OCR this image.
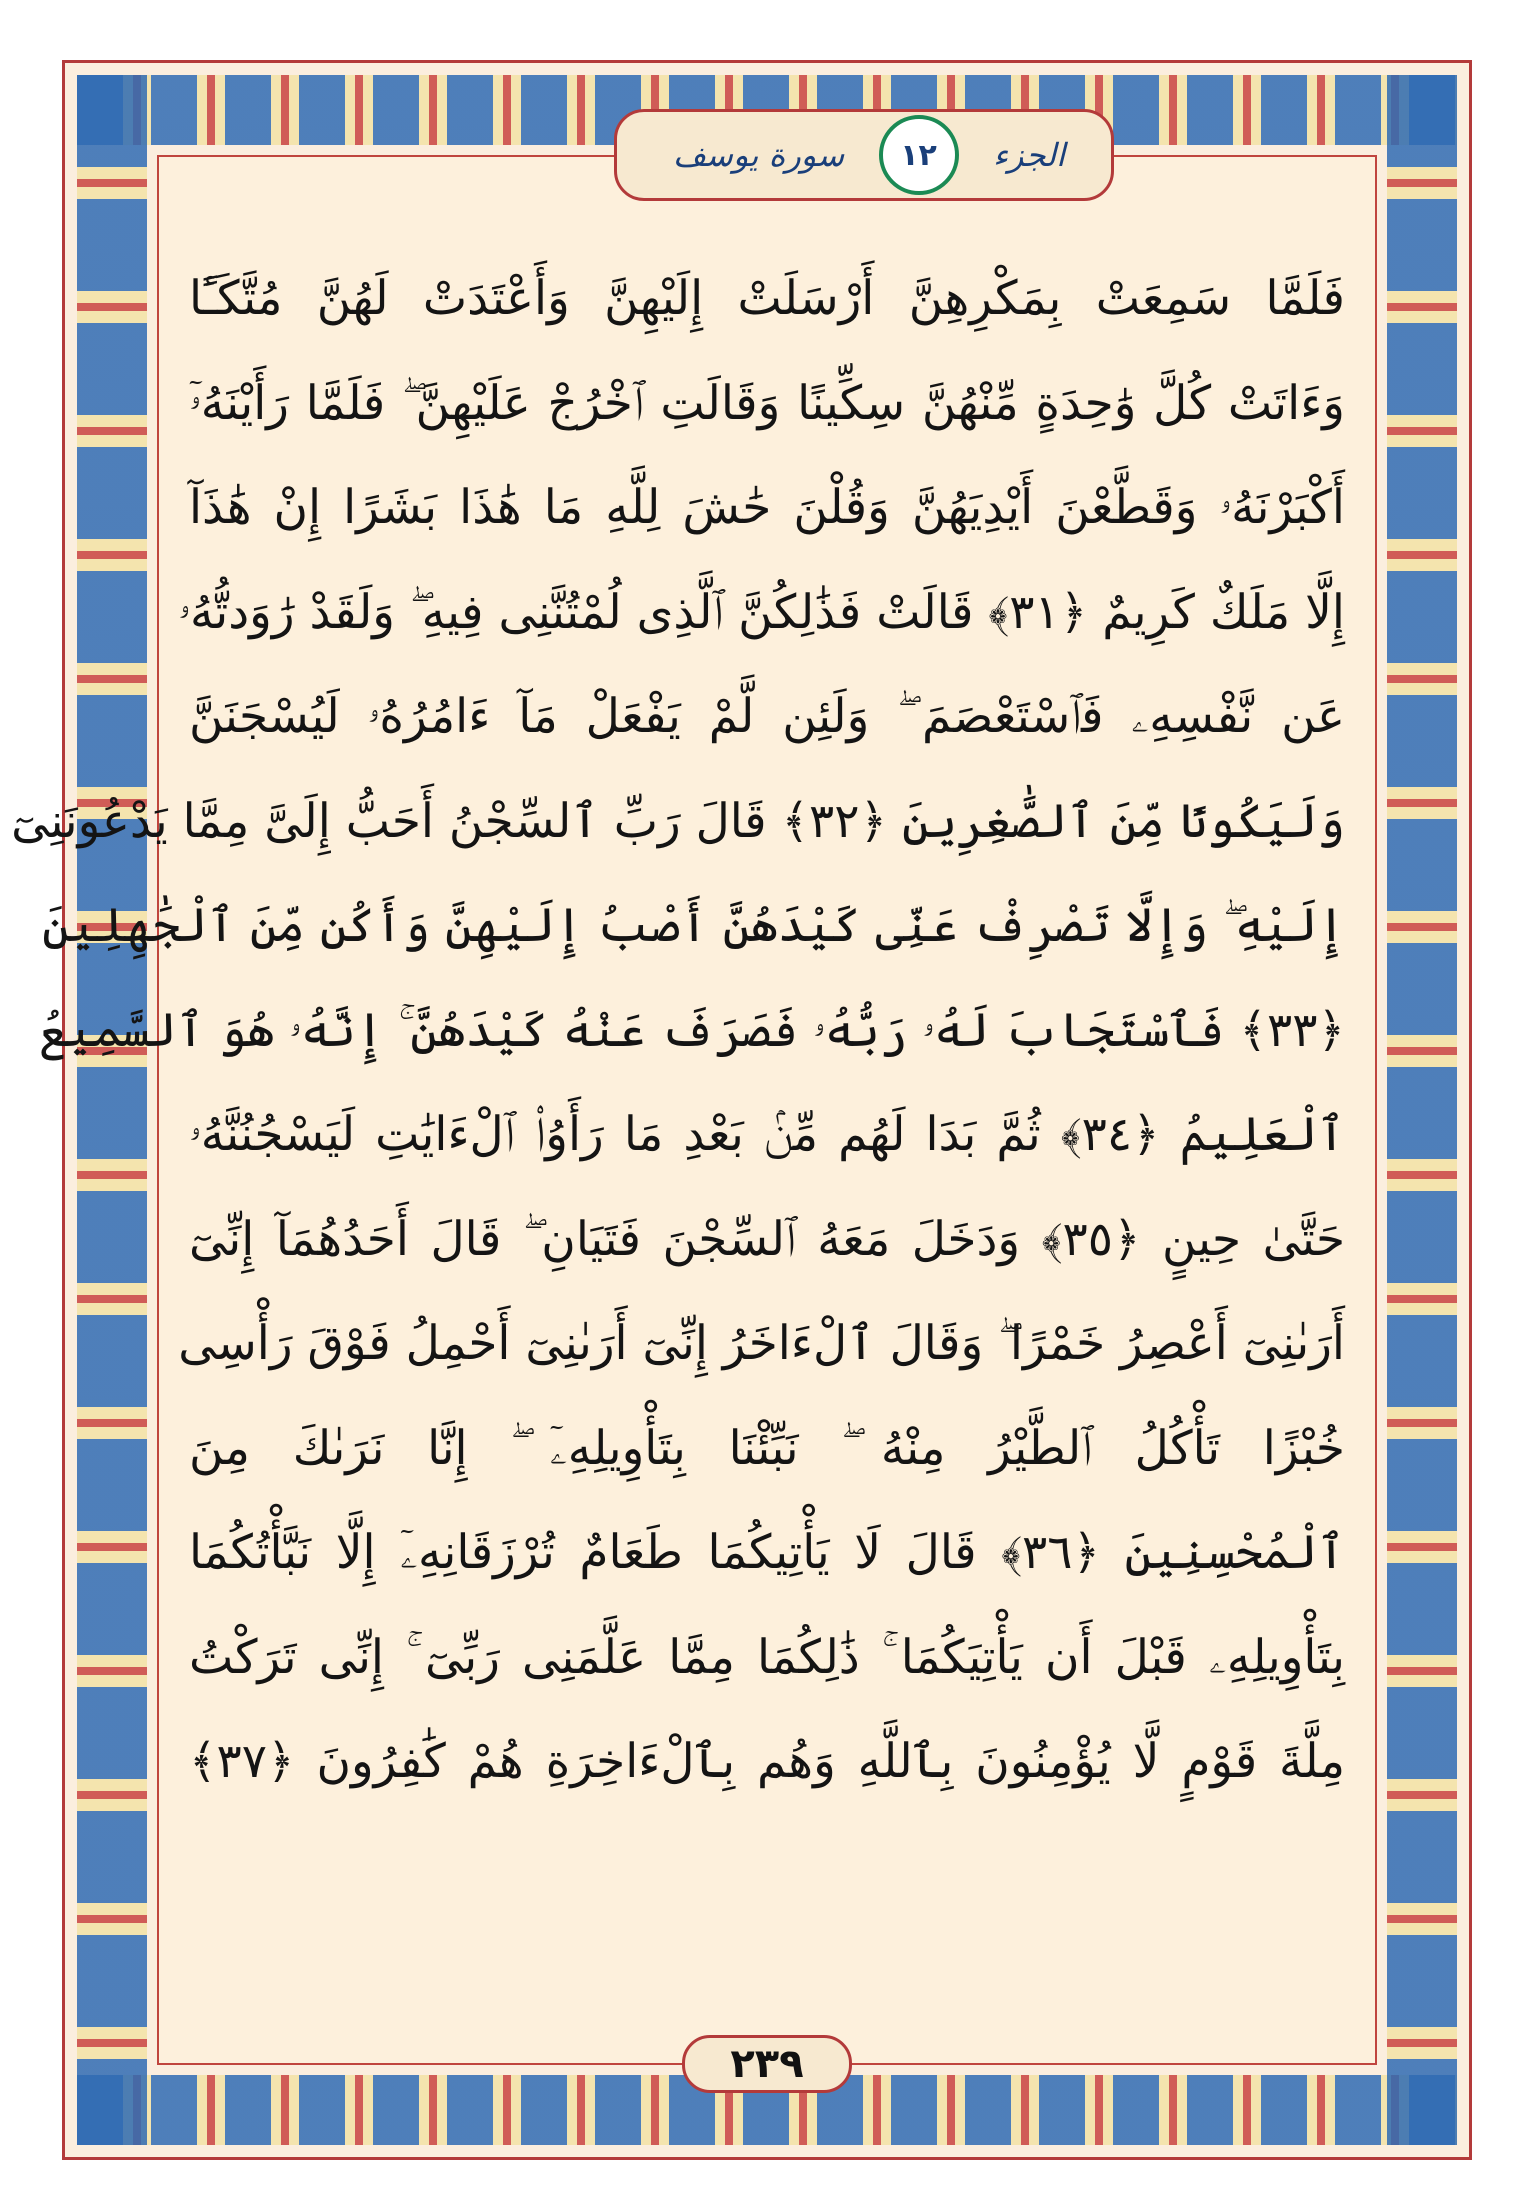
الجزء
١٢
سورة يوسف
فَلَمَّا سَمِعَتْ بِمَكْرِهِنَّ أَرْسَلَتْ إِلَيْهِنَّ وَأَعْتَدَتْ لَهُنَّ مُتَّكَـًٔا
وَءَاتَتْ كُلَّ وَٰحِدَةٍ مِّنْهُنَّ سِكِّينًا وَقَالَتِ ٱخْرُجْ عَلَيْهِنَّ ۖ فَلَمَّا رَأَيْنَهُۥٓ
أَكْبَرْنَهُۥ وَقَطَّعْنَ أَيْدِيَهُنَّ وَقُلْنَ حَٰشَ لِلَّهِ مَا هَٰذَا بَشَرًا إِنْ هَٰذَآ
إِلَّا مَلَكٌ كَرِيمٌ ﴿٣١﴾ قَالَتْ فَذَٰلِكُنَّ ٱلَّذِى لُمْتُنَّنِى فِيهِ ۖ وَلَقَدْ رَٰوَدتُّهُۥ
عَن نَّفْسِهِۦ فَٱسْتَعْصَمَ ۖ وَلَئِن لَّمْ يَفْعَلْ مَآ ءَامُرُهُۥ لَيُسْجَنَنَّ
وَلَيَكُونًا مِّنَ ٱلصَّٰغِرِينَ ﴿٣٢﴾ قَالَ رَبِّ ٱلسِّجْنُ أَحَبُّ إِلَىَّ مِمَّا يَدْعُونَنِىٓ
إِلَيْهِ ۖ وَإِلَّا تَصْرِفْ عَنِّى كَيْدَهُنَّ أَصْبُ إِلَيْهِنَّ وَأَكُن مِّنَ ٱلْجَٰهِلِينَ
﴿٣٣﴾ فَٱسْتَجَابَ لَهُۥ رَبُّهُۥ فَصَرَفَ عَنْهُ كَيْدَهُنَّ ۚ إِنَّهُۥ هُوَ ٱلسَّمِيعُ
ٱلْعَلِيمُ ﴿٣٤﴾ ثُمَّ بَدَا لَهُم مِّنۢ بَعْدِ مَا رَأَوُا۟ ٱلْءَايَٰتِ لَيَسْجُنُنَّهُۥ
حَتَّىٰ حِينٍ ﴿٣٥﴾ وَدَخَلَ مَعَهُ ٱلسِّجْنَ فَتَيَانِ ۖ قَالَ أَحَدُهُمَآ إِنِّىٓ
أَرَىٰنِىٓ أَعْصِرُ خَمْرًا ۖ وَقَالَ ٱلْءَاخَرُ إِنِّىٓ أَرَىٰنِىٓ أَحْمِلُ فَوْقَ رَأْسِى
خُبْزًا تَأْكُلُ ٱلطَّيْرُ مِنْهُ ۖ نَبِّئْنَا بِتَأْوِيلِهِۦٓ ۖ إِنَّا نَرَىٰكَ مِنَ
ٱلْمُحْسِنِينَ ﴿٣٦﴾ قَالَ لَا يَأْتِيكُمَا طَعَامٌ تُرْزَقَانِهِۦٓ إِلَّا نَبَّأْتُكُمَا
بِتَأْوِيلِهِۦ قَبْلَ أَن يَأْتِيَكُمَا ۚ ذَٰلِكُمَا مِمَّا عَلَّمَنِى رَبِّىٓ ۚ إِنِّى تَرَكْتُ
مِلَّةَ قَوْمٍ لَّا يُؤْمِنُونَ بِٱللَّهِ وَهُم بِٱلْءَاخِرَةِ هُمْ كَٰفِرُونَ ﴿٣٧﴾
٢٣٩
